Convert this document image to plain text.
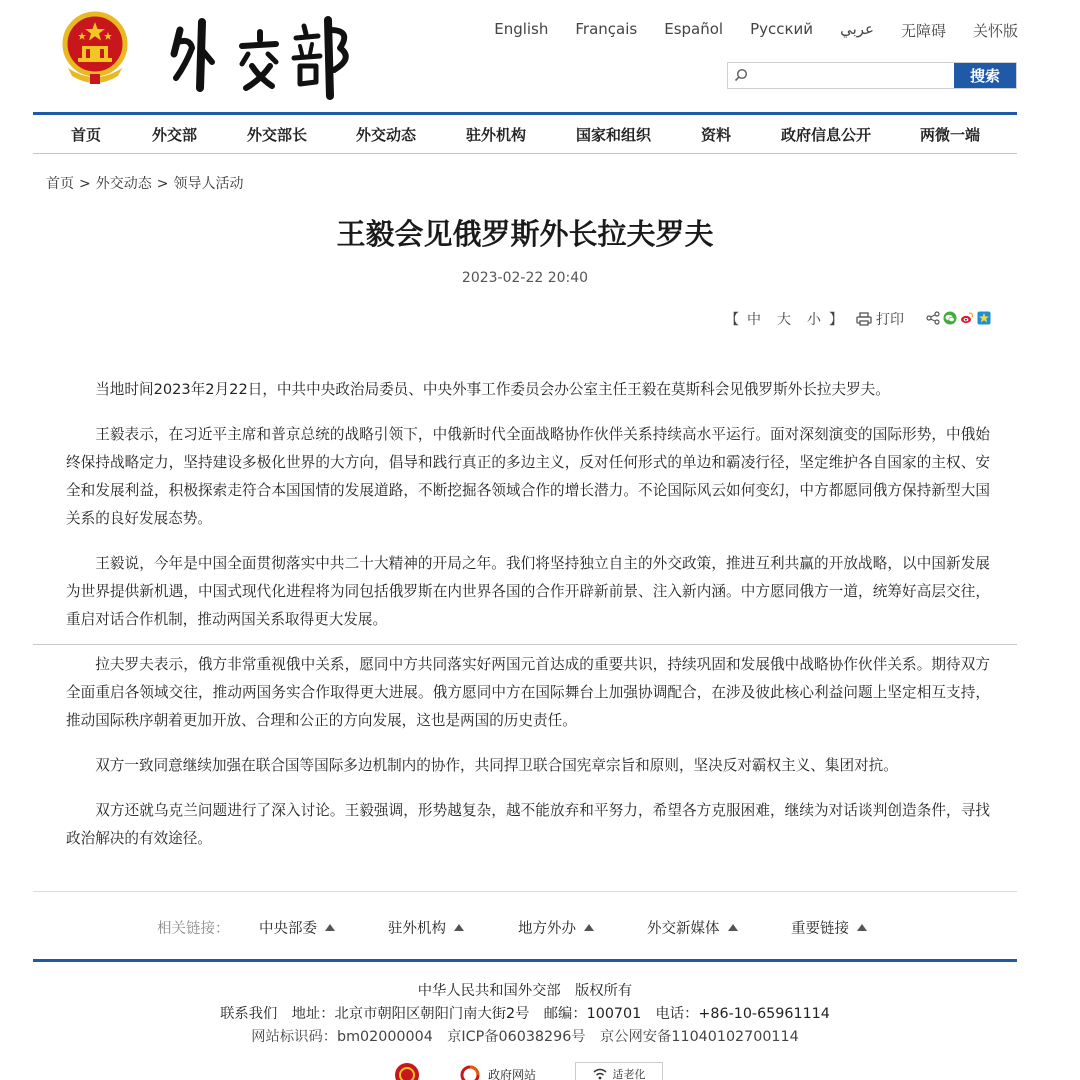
English Français Español Русский عربي 无障碍 关怀版
搜索
首页	外交部	外交部长	外交动态	驻外机构	国家和组织	资料	政府信息公开	两微一端
首页 > 外交动态 > 领导人活动
王毅会见俄罗斯外长拉夫罗夫
2023-02-22 20:40
【 中 大 小 】 打印

当地时间2023年2月22日，中共中央政治局委员、中央外事工作委员会办公室主任王毅在莫斯科会见俄罗斯外长拉夫罗夫。

王毅表示，在习近平主席和普京总统的战略引领下，中俄新时代全面战略协作伙伴关系持续高水平运行。面对深刻演变的国际形势，中俄始终保持战略定力，坚持建设多极化世界的大方向，倡导和践行真正的多边主义，反对任何形式的单边和霸凌行径，坚定维护各自国家的主权、安全和发展利益，积极探索走符合本国国情的发展道路，不断挖掘各领域合作的增长潜力。不论国际风云如何变幻，中方都愿同俄方保持新型大国关系的良好发展态势。

王毅说，今年是中国全面贯彻落实中共二十大精神的开局之年。我们将坚持独立自主的外交政策，推进互利共赢的开放战略，以中国新发展为世界提供新机遇，中国式现代化进程将为同包括俄罗斯在内世界各国的合作开辟新前景、注入新内涵。中方愿同俄方一道，统筹好高层交往，重启对话合作机制，推动两国关系取得更大发展。

拉夫罗夫表示，俄方非常重视俄中关系，愿同中方共同落实好两国元首达成的重要共识，持续巩固和发展俄中战略协作伙伴关系。期待双方全面重启各领域交往，推动两国务实合作取得更大进展。俄方愿同中方在国际舞台上加强协调配合，在涉及彼此核心利益问题上坚定相互支持，推动国际秩序朝着更加开放、合理和公正的方向发展，这也是两国的历史责任。

双方一致同意继续加强在联合国等国际多边机制内的协作，共同捍卫联合国宪章宗旨和原则，坚决反对霸权主义、集团对抗。

双方还就乌克兰问题进行了深入讨论。王毅强调，形势越复杂，越不能放弃和平努力，希望各方克服困难，继续为对话谈判创造条件，寻找政治解决的有效途径。

相关链接： 中央部委	驻外机构	地方外办	外交新媒体	重要链接
中华人民共和国外交部　版权所有
联系我们　地址：北京市朝阳区朝阳门南大街2号　邮编：100701　电话：+86-10-65961114
网站标识码：bm02000004　京ICP备06038296号　京公网安备11040102700114
政府网站	适老化
